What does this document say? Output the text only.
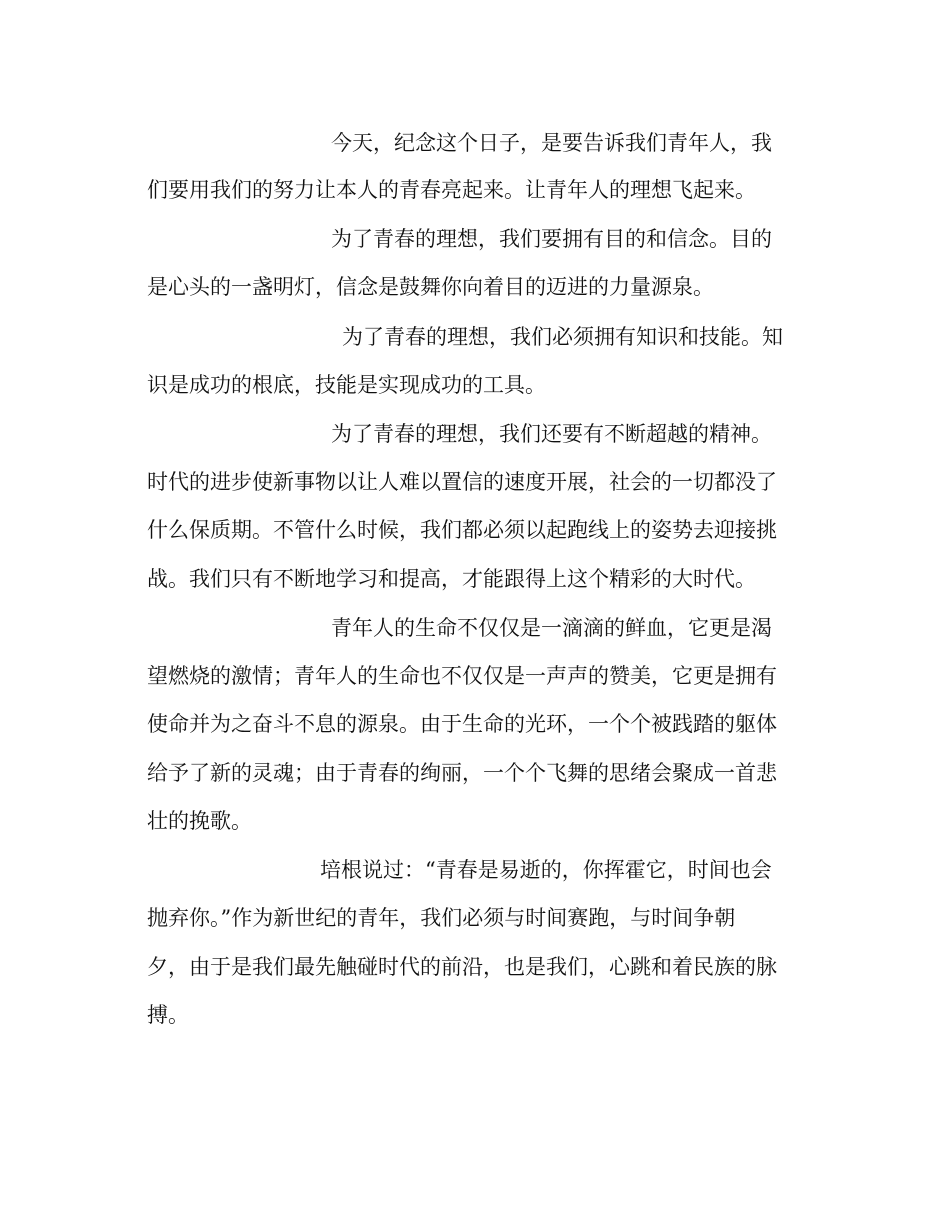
今天，纪念这个日子，是要告诉我们青年人，我
们要用我们的努力让本人的青春亮起来。让青年人的理想飞起来。
为了青春的理想，我们要拥有目的和信念。目的
是心头的一盏明灯，信念是鼓舞你向着目的迈进的力量源泉。
为了青春的理想，我们必须拥有知识和技能。知
识是成功的根底，技能是实现成功的工具。
为了青春的理想，我们还要有不断超越的精神。
时代的进步使新事物以让人难以置信的速度开展，社会的一切都没了
什么保质期。不管什么时候，我们都必须以起跑线上的姿势去迎接挑
战。我们只有不断地学习和提高，才能跟得上这个精彩的大时代。
青年人的生命不仅仅是一滴滴的鲜血，它更是渴
望燃烧的激情；青年人的生命也不仅仅是一声声的赞美，它更是拥有
使命并为之奋斗不息的源泉。由于生命的光环，一个个被践踏的躯体
给予了新的灵魂；由于青春的绚丽，一个个飞舞的思绪会聚成一首悲
壮的挽歌。
培根说过：“青春是易逝的，你挥霍它，时间也会
抛弃你。”作为新世纪的青年，我们必须与时间赛跑，与时间争朝
夕，由于是我们最先触碰时代的前沿，也是我们，心跳和着民族的脉
搏。
